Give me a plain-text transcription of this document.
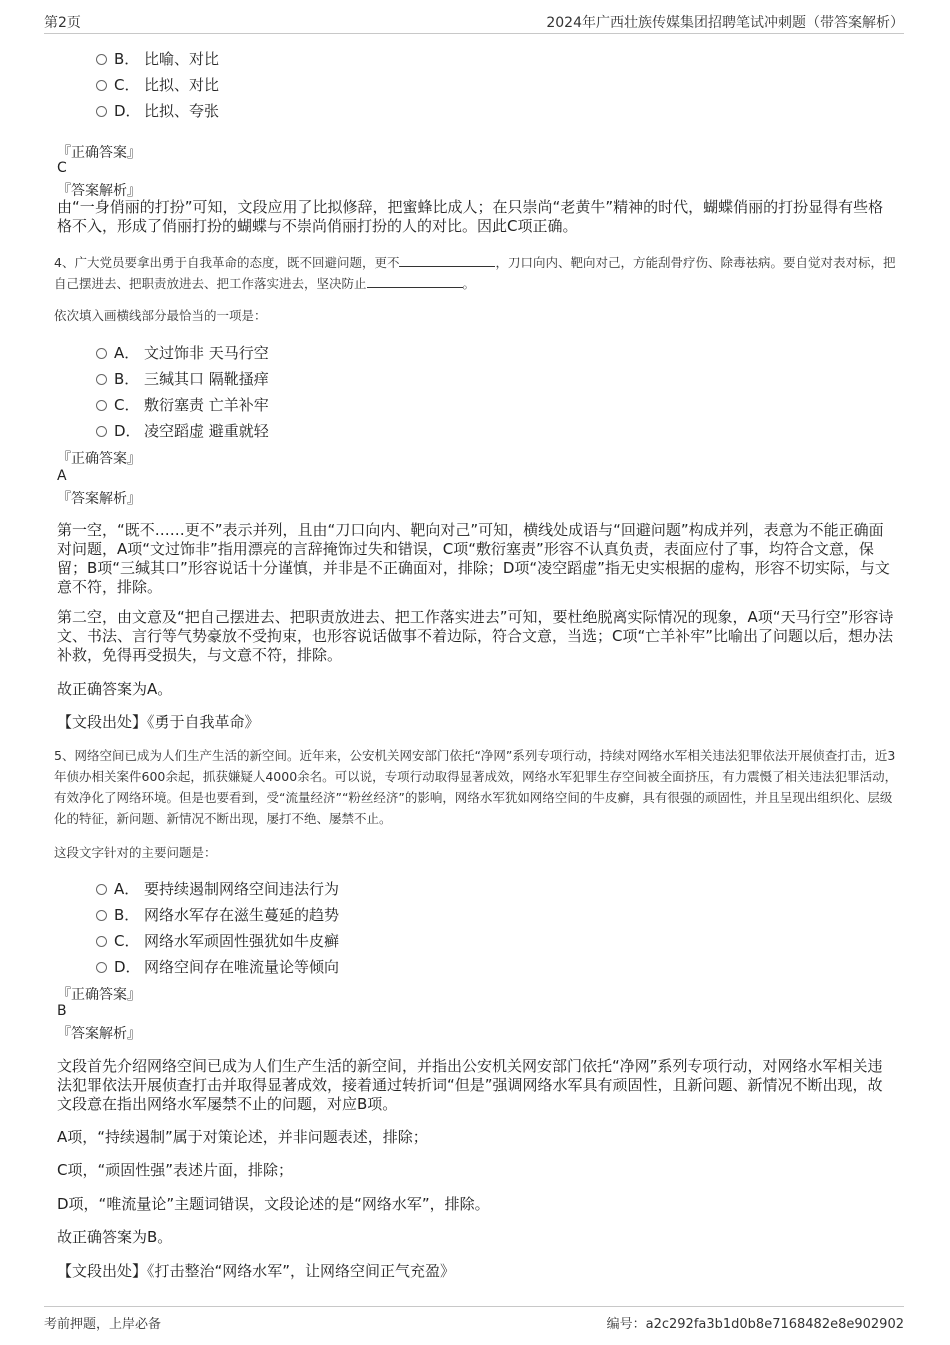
第2页	2024年广西壮族传媒集团招聘笔试冲刺题（带答案解析）
B． 比喻、对比
C． 比拟、对比
D． 比拟、夸张
『正确答案』
C
『答案解析』
由“一身俏丽的打扮”可知，文段应用了比拟修辞，把蜜蜂比成人；在只崇尚“老黄牛”精神的时代，蝴蝶俏丽的打扮显得有些格格不入，形成了俏丽打扮的蝴蝶与不崇尚俏丽打扮的人的对比。因此C项正确。
4、广大党员要拿出勇于自我革命的态度，既不回避问题，更不	，刀口向内、靶向对己，方能刮骨疗伤、除毒祛病。要自觉对表对标，把自己摆进去、把职责放进去、把工作落实进去，坚决防止	。
依次填入画横线部分最恰当的一项是：
A． 文过饰非 天马行空
B． 三缄其口 隔靴搔痒
C． 敷衍塞责 亡羊补牢
D． 凌空蹈虚 避重就轻
『正确答案』
A
『答案解析』
第一空，“既不……更不”表示并列，且由“刀口向内、靶向对己”可知，横线处成语与“回避问题”构成并列，表意为不能正确面对问题，A项“文过饰非”指用漂亮的言辞掩饰过失和错误，C项“敷衍塞责”形容不认真负责，表面应付了事，均符合文意，保留；B项“三缄其口”形容说话十分谨慎，并非是不正确面对，排除；D项“凌空蹈虚”指无史实根据的虚构，形容不切实际，与文意不符，排除。
第二空，由文意及“把自己摆进去、把职责放进去、把工作落实进去”可知，要杜绝脱离实际情况的现象，A项“天马行空”形容诗文、书法、言行等气势豪放不受拘束，也形容说话做事不着边际，符合文意，当选；C项“亡羊补牢”比喻出了问题以后，想办法补救，免得再受损失，与文意不符，排除。
故正确答案为A。
【文段出处】《勇于自我革命》
5、网络空间已成为人们生产生活的新空间。近年来，公安机关网安部门依托“净网”系列专项行动，持续对网络水军相关违法犯罪依法开展侦查打击，近3年侦办相关案件600余起，抓获嫌疑人4000余名。可以说，专项行动取得显著成效，网络水军犯罪生存空间被全面挤压，有力震慑了相关违法犯罪活动，有效净化了网络环境。但是也要看到，受“流量经济”“粉丝经济”的影响，网络水军犹如网络空间的牛皮癣，具有很强的顽固性，并且呈现出组织化、层级化的特征，新问题、新情况不断出现，屡打不绝、屡禁不止。
这段文字针对的主要问题是：
A． 要持续遏制网络空间违法行为
B． 网络水军存在滋生蔓延的趋势
C． 网络水军顽固性强犹如牛皮癣
D． 网络空间存在唯流量论等倾向
『正确答案』
B
『答案解析』
文段首先介绍网络空间已成为人们生产生活的新空间，并指出公安机关网安部门依托“净网”系列专项行动，对网络水军相关违法犯罪依法开展侦查打击并取得显著成效，接着通过转折词“但是”强调网络水军具有顽固性，且新问题、新情况不断出现，故文段意在指出网络水军屡禁不止的问题，对应B项。
A项，“持续遏制”属于对策论述，并非问题表述，排除；
C项，“顽固性强”表述片面，排除；
D项，“唯流量论”主题词错误，文段论述的是“网络水军”，排除。
故正确答案为B。
【文段出处】《打击整治“网络水军”，让网络空间正气充盈》
考前押题，上岸必备	编号：a2c292fa3b1d0b8e7168482e8e902902
